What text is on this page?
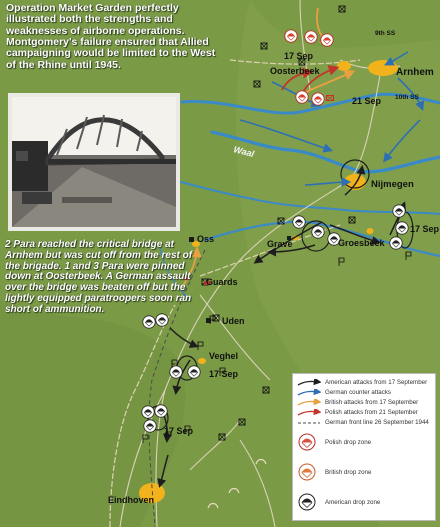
Oosterbeek	Arnhem
Nijmegen
Grave	Groesbeek
Oss
Guards
Uden
Veghel
Eindhoven
17 Sep
21 Sep
17 Sep
17 Sep
17 Sep
9th SS
10th SS
Waal

Operation Market Garden perfectly illustrated both the strengths and weaknesses of airborne operations. Montgomery's failure ensured that Allied campaigning would be limited to the West of the Rhine until 1945.

2 Para reached the critical bridge at Arnhem but was cut off from the rest of the brigade. 1 and 3 Para were pinned down at Oosterbeek. A German assault over the bridge was beaten off but the lightly equipped paratroopers soon ran short of ammunition.

American attacks from 17 September
German counter attacks
British attacks from 17 September
Polish attacks from 21 September
German front line 26 September 1944
Polish drop zone
British drop zone
American drop zone
